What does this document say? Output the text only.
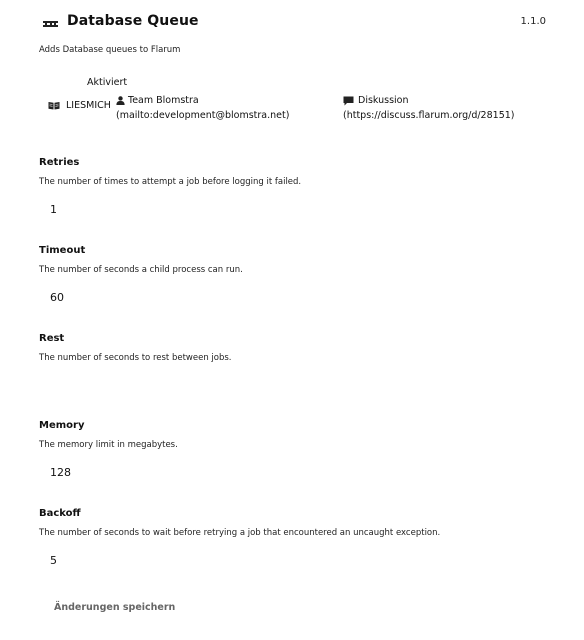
Database Queue	1.1.0

Adds Database queues to Flarum

Aktiviert
LIESMICH Team Blomstra
(mailto:development@blomstra.net)
Diskussion
(https://discuss.flarum.org/d/28151)
Retries
The number of times to attempt a job before logging it failed.
1
Timeout
The number of seconds a child process can run.
60
Rest
The number of seconds to rest between jobs.
Memory
The memory limit in megabytes.
128
Backoff
The number of seconds to wait before retrying a job that encountered an uncaught exception.
5
Änderungen speichern
